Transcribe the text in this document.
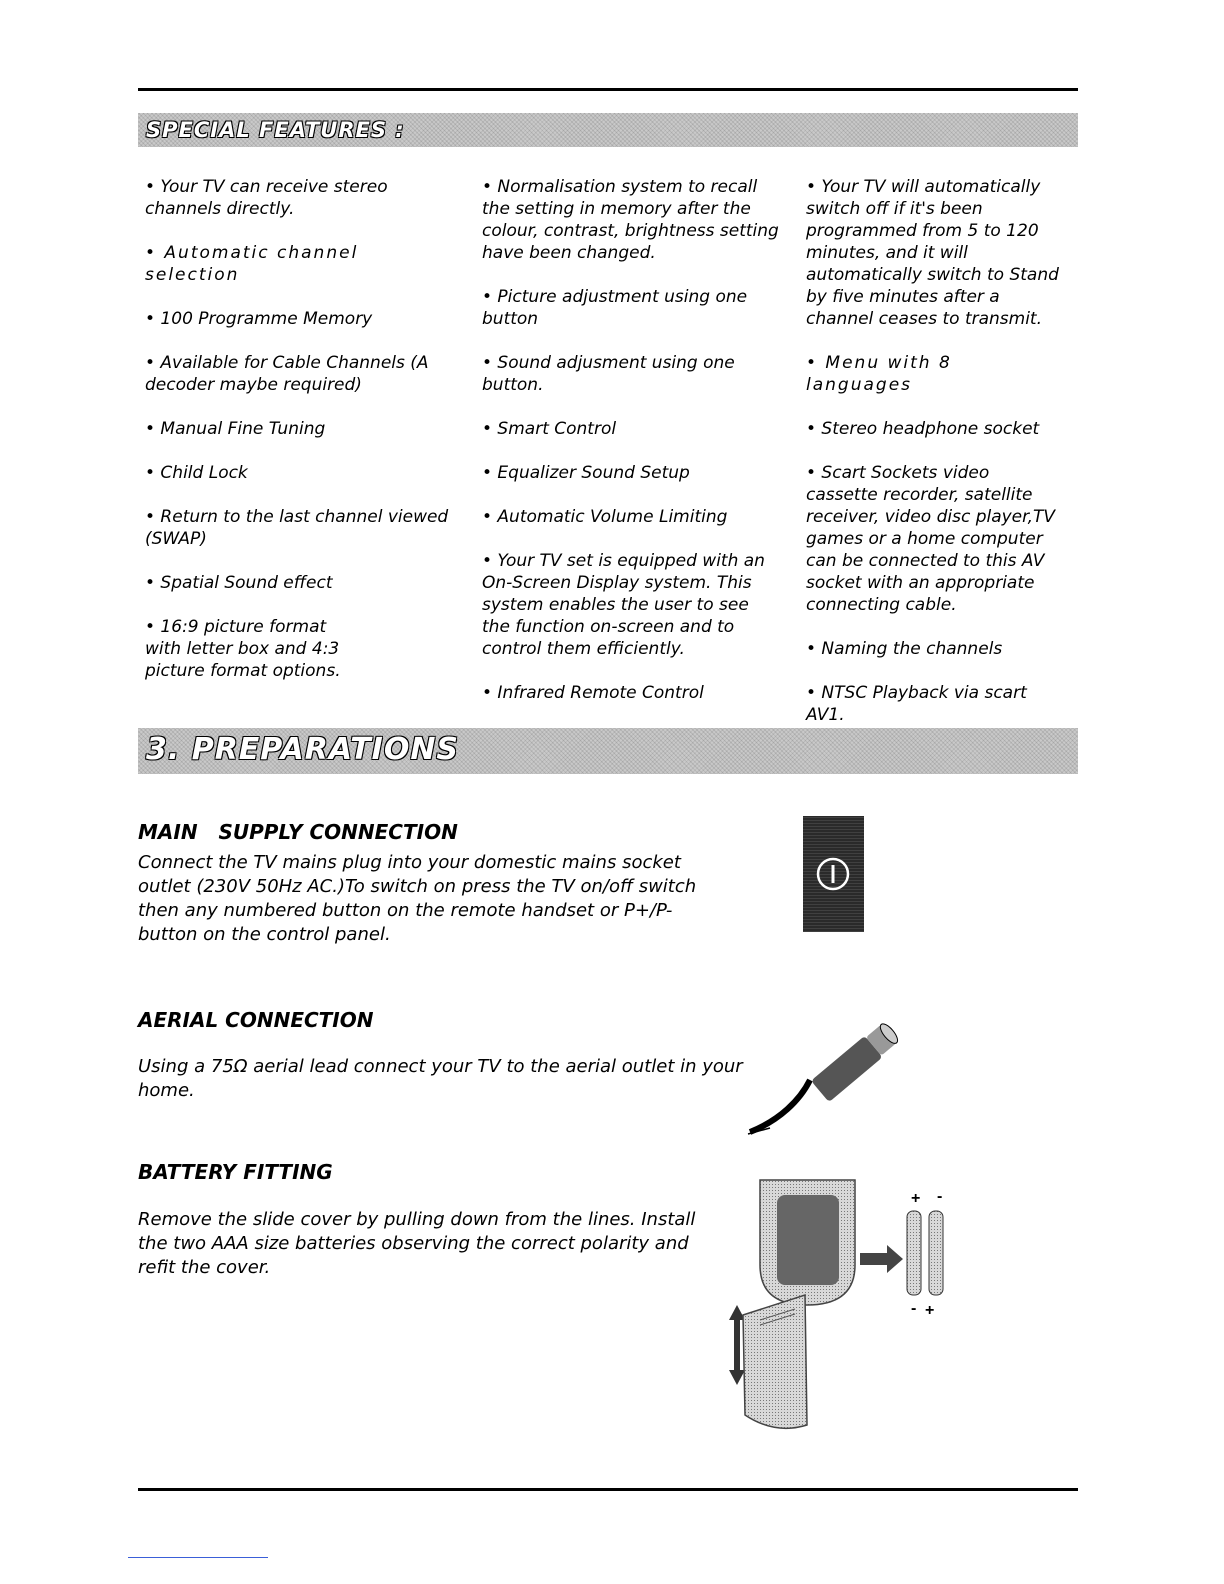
SPECIAL FEATURES :

• Your TV can receive stereo channels directly.

• Automatic channel selection

• 100 Programme Memory

• Available for Cable Channels (A decoder maybe required)

• Manual Fine Tuning

• Child Lock

• Return to the last channel viewed (SWAP)

• Spatial Sound effect

• 16:9 picture format with letter box and 4:3 picture format options.

• Normalisation system to recall the setting in memory after the colour, contrast, brightness setting have been changed.

• Picture adjustment using one button

• Sound adjusment using one button.

• Smart Control

• Equalizer Sound Setup

• Automatic Volume Limiting

• Your TV set is equipped with an On-Screen Display system. This system enables the user to see the function on-screen and to control them efficiently.

• Infrared Remote Control

• Your TV will automatically switch off if it's been programmed from 5 to 120 minutes, and it will automatically switch to Stand by five minutes after a channel ceases to transmit.

• Menu with 8 languages

• Stereo headphone socket

• Scart Sockets video cassette recorder, satellite receiver, video disc player,TV games or a home computer can be connected to this AV socket with an appropriate connecting cable.

• Naming the channels

• NTSC Playback via scart AV1.

3. PREPARATIONS
MAIN   SUPPLY CONNECTION
Connect the TV mains plug into your domestic mains socket outlet (230V 50Hz AC.)To switch on press the TV on/off switch then any numbered button on the remote handset or P+/P- button on the control panel.
AERIAL CONNECTION
Using a 75Ω aerial lead connect your TV to the aerial outlet in your home.
BATTERY FITTING
Remove the slide cover by pulling down from the lines. Install the two AAA size batteries observing the correct polarity and refit the cover.
+ -
- +
